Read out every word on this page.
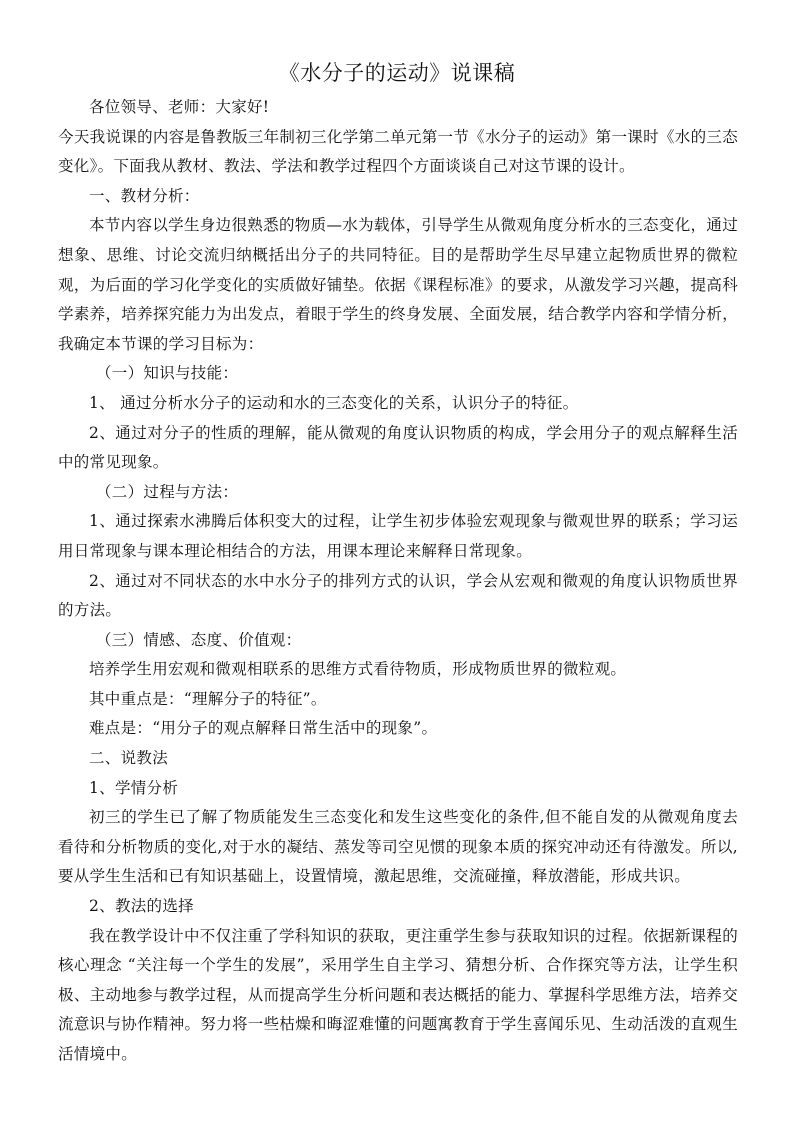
《水分子的运动》说课稿

各位领导、老师：大家好!

今天我说课的内容是鲁教版三年制初三化学第二单元第一节《水分子的运动》第一课时《水的三态变化》。下面我从教材、教法、学法和教学过程四个方面谈谈自己对这节课的设计。

一、教材分析：

本节内容以学生身边很熟悉的物质—水为载体，引导学生从微观角度分析水的三态变化，通过想象、思维、讨论交流归纳概括出分子的共同特征。目的是帮助学生尽早建立起物质世界的微粒观，为后面的学习化学变化的实质做好铺垫。依据《课程标准》的要求，从激发学习兴趣，提高科学素养，培养探究能力为出发点，着眼于学生的终身发展、全面发展，结合教学内容和学情分析，我确定本节课的学习目标为：

（一）知识与技能：

1、 通过分析水分子的运动和水的三态变化的关系，认识分子的特征。

2、通过对分子的性质的理解，能从微观的角度认识物质的构成，学会用分子的观点解释生活中的常见现象。

（二）过程与方法：

1、通过探索水沸腾后体积变大的过程，让学生初步体验宏观现象与微观世界的联系；学习运用日常现象与课本理论相结合的方法，用课本理论来解释日常现象。

2、通过对不同状态的水中水分子的排列方式的认识，学会从宏观和微观的角度认识物质世界的方法。

（三）情感、态度、价值观：

培养学生用宏观和微观相联系的思维方式看待物质，形成物质世界的微粒观。

其中重点是：“理解分子的特征”。

难点是：“用分子的观点解释日常生活中的现象”。

二、说教法

1、学情分析

初三的学生已了解了物质能发生三态变化和发生这些变化的条件,但不能自发的从微观角度去看待和分析物质的变化,对于水的凝结、蒸发等司空见惯的现象本质的探究冲动还有待激发。所以,要从学生生活和已有知识基础上，设置情境，激起思维，交流碰撞，释放潜能，形成共识。

2、教法的选择

我在教学设计中不仅注重了学科知识的获取，更注重学生参与获取知识的过程。依据新课程的核心理念 “关注每一个学生的发展”，采用学生自主学习、猜想分析、合作探究等方法，让学生积极、主动地参与教学过程，从而提高学生分析问题和表达概括的能力、掌握科学思维方法，培养交流意识与协作精神。努力将一些枯燥和晦涩难懂的问题寓教育于学生喜闻乐见、生动活泼的直观生活情境中。
